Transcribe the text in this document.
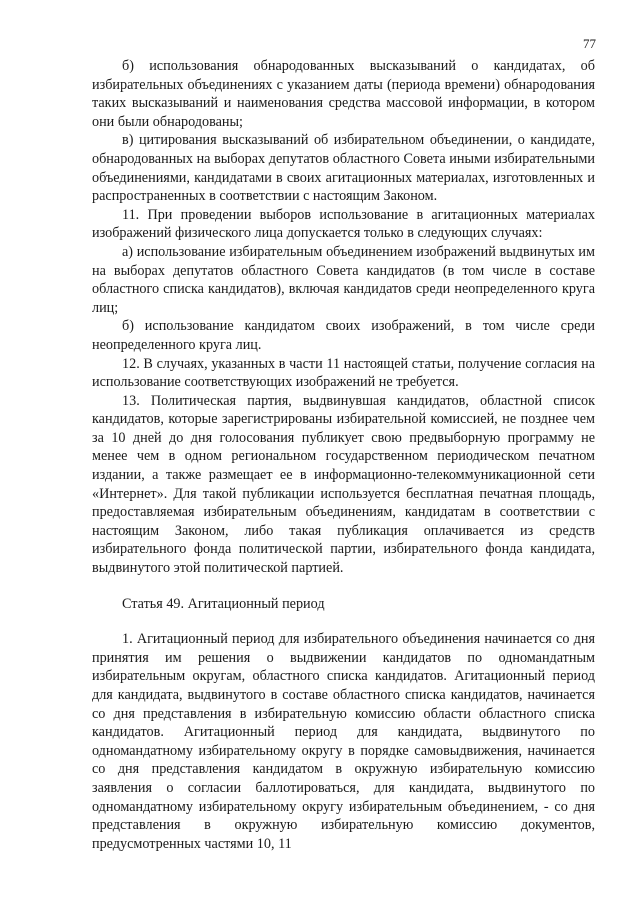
77

б) использования обнародованных высказываний о кандидатах, об избирательных объединениях с указанием даты (периода времени) обнародования таких высказываний и наименования средства массовой информации, в котором они были обнародованы;

в) цитирования высказываний об избирательном объединении, о кандидате, обнародованных на выборах депутатов областного Совета иными избирательными объединениями, кандидатами в своих агитационных материалах, изготовленных и распространенных в соответствии с настоящим Законом.

11. При проведении выборов использование в агитационных материалах изображений физического лица допускается только в следующих случаях:

а) использование избирательным объединением изображений выдвинутых им на выборах депутатов областного Совета кандидатов (в том числе в составе областного списка кандидатов), включая кандидатов среди неопределенного круга лиц;

б) использование кандидатом своих изображений, в том числе среди неопределенного круга лиц.

12. В случаях, указанных в части 11 настоящей статьи, получение согласия на использование соответствующих изображений не требуется.

13. Политическая партия, выдвинувшая кандидатов, областной список кандидатов, которые зарегистрированы избирательной комиссией, не позднее чем за 10 дней до дня голосования публикует свою предвыборную программу не менее чем в одном региональном государственном периодическом печатном издании, а также размещает ее в информационно-телекоммуникационной сети «Интернет». Для такой публикации используется бесплатная печатная площадь, предоставляемая избирательным объединениям, кандидатам в соответствии с настоящим Законом, либо такая публикация оплачивается из средств избирательного фонда политической партии, избирательного фонда кандидата, выдвинутого этой политической партией.

Статья 49. Агитационный период

1. Агитационный период для избирательного объединения начинается со дня принятия им решения о выдвижении кандидатов по одномандатным избирательным округам, областного списка кандидатов. Агитационный период для кандидата, выдвинутого в составе областного списка кандидатов, начинается со дня представления в избирательную комиссию области областного списка кандидатов. Агитационный период для кандидата, выдвинутого по одномандатному избирательному округу в порядке самовыдвижения, начинается со дня представления кандидатом в окружную избирательную комиссию заявления о согласии баллотироваться, для кандидата, выдвинутого по одномандатному избирательному округу избирательным объединением, - со дня представления в окружную избирательную комиссию документов, предусмотренных частями 10, 11
